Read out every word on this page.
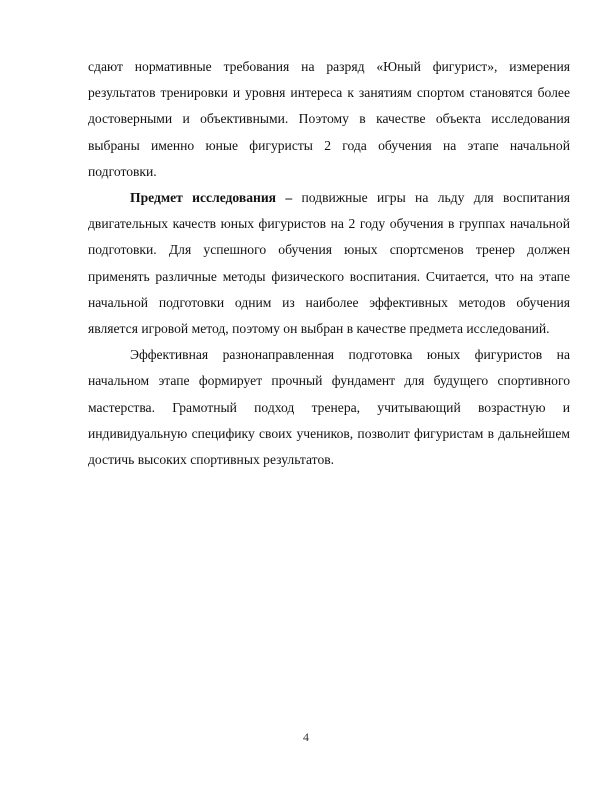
сдают нормативные требования на разряд «Юный фигурист», измерения результатов тренировки и уровня интереса к занятиям спортом становятся более достоверными и объективными. Поэтому в качестве объекта исследования выбраны именно юные фигуристы 2 года обучения на этапе начальной подготовки.

Предмет исследования – подвижные игры на льду для воспитания двигательных качеств юных фигуристов на 2 году обучения в группах начальной подготовки. Для успешного обучения юных спортсменов тренер должен применять различные методы физического воспитания. Считается, что на этапе начальной подготовки одним из наиболее эффективных методов обучения является игровой метод, поэтому он выбран в качестве предмета исследований.

Эффективная разнонаправленная подготовка юных фигуристов на начальном этапе формирует прочный фундамент для будущего спортивного мастерства. Грамотный подход тренера, учитывающий возрастную и индивидуальную специфику своих учеников, позволит фигуристам в дальнейшем достичь высоких спортивных результатов.

4
